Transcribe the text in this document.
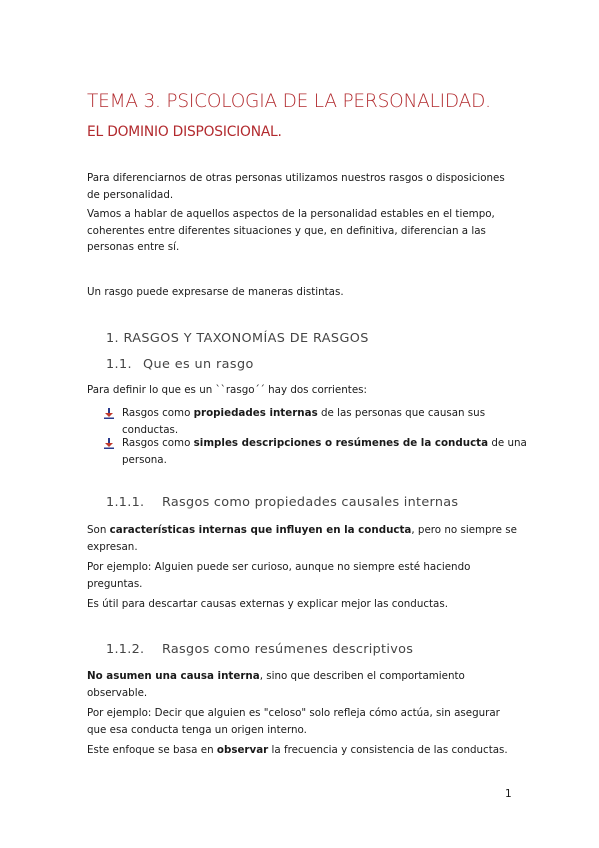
TEMA 3. PSICOLOGIA DE LA PERSONALIDAD.
EL DOMINIO DISPOSICIONAL.
Para diferenciarnos de otras personas utilizamos nuestros rasgos o disposiciones de personalidad.
Vamos a hablar de aquellos aspectos de la personalidad estables en el tiempo, coherentes entre diferentes situaciones y que, en definitiva, diferencian a las personas entre sí.
Un rasgo puede expresarse de maneras distintas.
1. RASGOS Y TAXONOMÍAS DE RASGOS
1.1. Que es un rasgo
Para definir lo que es un ``rasgo´´ hay dos corrientes:
Rasgos como propiedades internas de las personas que causan sus conductas.
Rasgos como simples descripciones o resúmenes de la conducta de una persona.
1.1.1. Rasgos como propiedades causales internas
Son características internas que influyen en la conducta, pero no siempre se expresan.
Por ejemplo: Alguien puede ser curioso, aunque no siempre esté haciendo preguntas.
Es útil para descartar causas externas y explicar mejor las conductas.
1.1.2. Rasgos como resúmenes descriptivos
No asumen una causa interna, sino que describen el comportamiento observable.
Por ejemplo: Decir que alguien es "celoso" solo refleja cómo actúa, sin asegurar que esa conducta tenga un origen interno.
Este enfoque se basa en observar la frecuencia y consistencia de las conductas.
1
